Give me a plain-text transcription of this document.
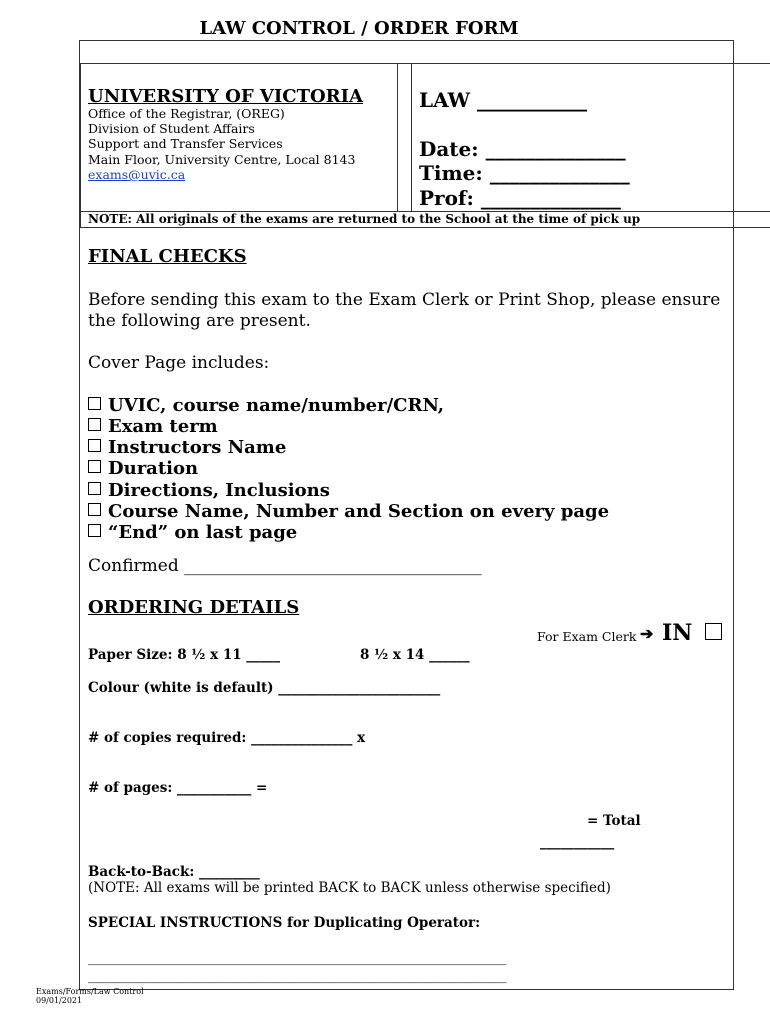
LAW CONTROL / ORDER FORM
UNIVERSITY OF VICTORIA
Office of the Registrar, (OREG)
Division of Student Affairs
Support and Transfer Services
Main Floor, University Centre, Local 8143
exams@uvic.ca
LAW ___________
Date: ______________
Time: ______________
Prof: ______________
NOTE: All originals of the exams are returned to the School at the time of pick up
FINAL CHECKS
Before sending this exam to the Exam Clerk or Print Shop, please ensure the following are present.
Cover Page includes:
UVIC, course name/number/CRN,
Exam term
Instructors Name
Duration
Directions, Inclusions
Course Name, Number and Section on every page
“End” on last page
Confirmed ___________________________________
ORDERING DETAILS
For Exam Clerk ➔ IN
Paper Size: 8 ½ x 11 _____	8 ½ x 14 ______
Colour (white is default) ________________________
# of copies required: _______________ x
# of pages: ___________ =
= Total
___________
Back-to-Back: _________
(NOTE: All exams will be printed BACK to BACK unless otherwise specified)
SPECIAL INSTRUCTIONS for Duplicating Operator:
______________________________________________________________
______________________________________________________________
Exams/Forms/Law Control
09/01/2021
